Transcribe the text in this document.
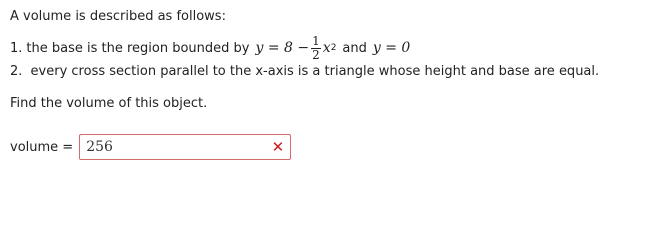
A volume is described as follows:
1. the base is the region bounded by $y = 8 - \frac{1}{2}$ x 2 and y = 0
2. every cross section parallel to the x-axis is a triangle whose height and base are equal.
Find the volume of this object.
volume = 256	✕
